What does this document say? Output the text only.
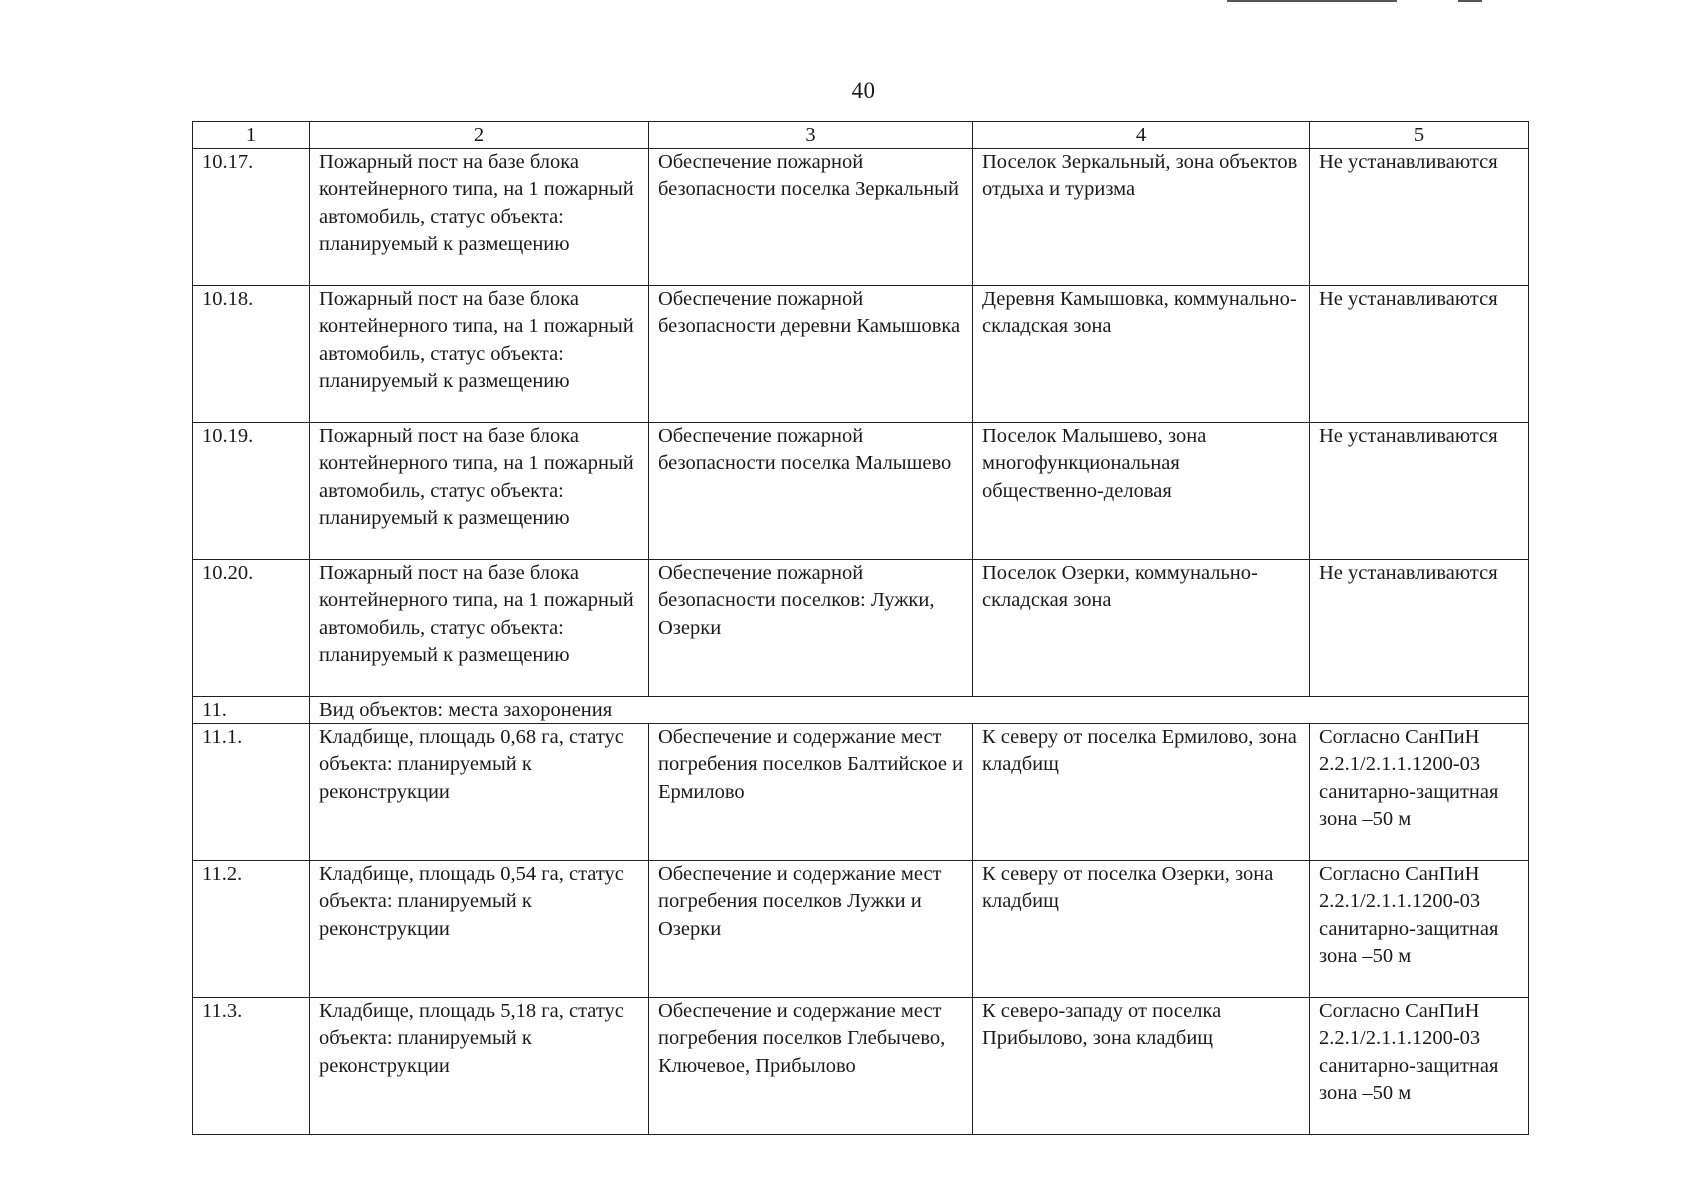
40
1	2	3	4	5
10.17.	Пожарный пост на базе блока контейнерного типа, на 1 пожарный автомобиль, статус объекта: планируемый к размещению	Обеспечение пожарной безопасности поселка Зеркальный	Поселок Зеркальный, зона объектов отдыха и туризма	Не устанавливаются
10.18.	Пожарный пост на базе блока контейнерного типа, на 1 пожарный автомобиль, статус объекта: планируемый к размещению	Обеспечение пожарной безопасности деревни Камышовка	Деревня Камышовка, коммунально-складская зона	Не устанавливаются
10.19.	Пожарный пост на базе блока контейнерного типа, на 1 пожарный автомобиль, статус объекта: планируемый к размещению	Обеспечение пожарной безопасности поселка Малышево	Поселок Малышево, зона многофункциональная общественно-деловая	Не устанавливаются
10.20.	Пожарный пост на базе блока контейнерного типа, на 1 пожарный автомобиль, статус объекта: планируемый к размещению	Обеспечение пожарной безопасности поселков: Лужки, Озерки	Поселок Озерки, коммунально-складская зона	Не устанавливаются
11.	Вид объектов: места захоронения			
11.1.	Кладбище, площадь 0,68 га, статус объекта: планируемый к реконструкции	Обеспечение и содержание мест погребения поселков Балтийское и Ермилово	К северу от поселка Ермилово, зона кладбищ	Согласно СанПиН 2.2.1/2.1.1.1200-03 санитарно-защитная зона –50 м
11.2.	Кладбище, площадь 0,54 га, статус объекта: планируемый к реконструкции	Обеспечение и содержание мест погребения поселков Лужки и Озерки	К северу от поселка Озерки, зона кладбищ	Согласно СанПиН 2.2.1/2.1.1.1200-03 санитарно-защитная зона –50 м
11.3.	Кладбище, площадь 5,18 га, статус объекта: планируемый к реконструкции	Обеспечение и содержание мест погребения поселков Глебычево, Ключевое, Прибылово	К северо-западу от поселка Прибылово, зона кладбищ	Согласно СанПиН 2.2.1/2.1.1.1200-03 санитарно-защитная зона –50 м
